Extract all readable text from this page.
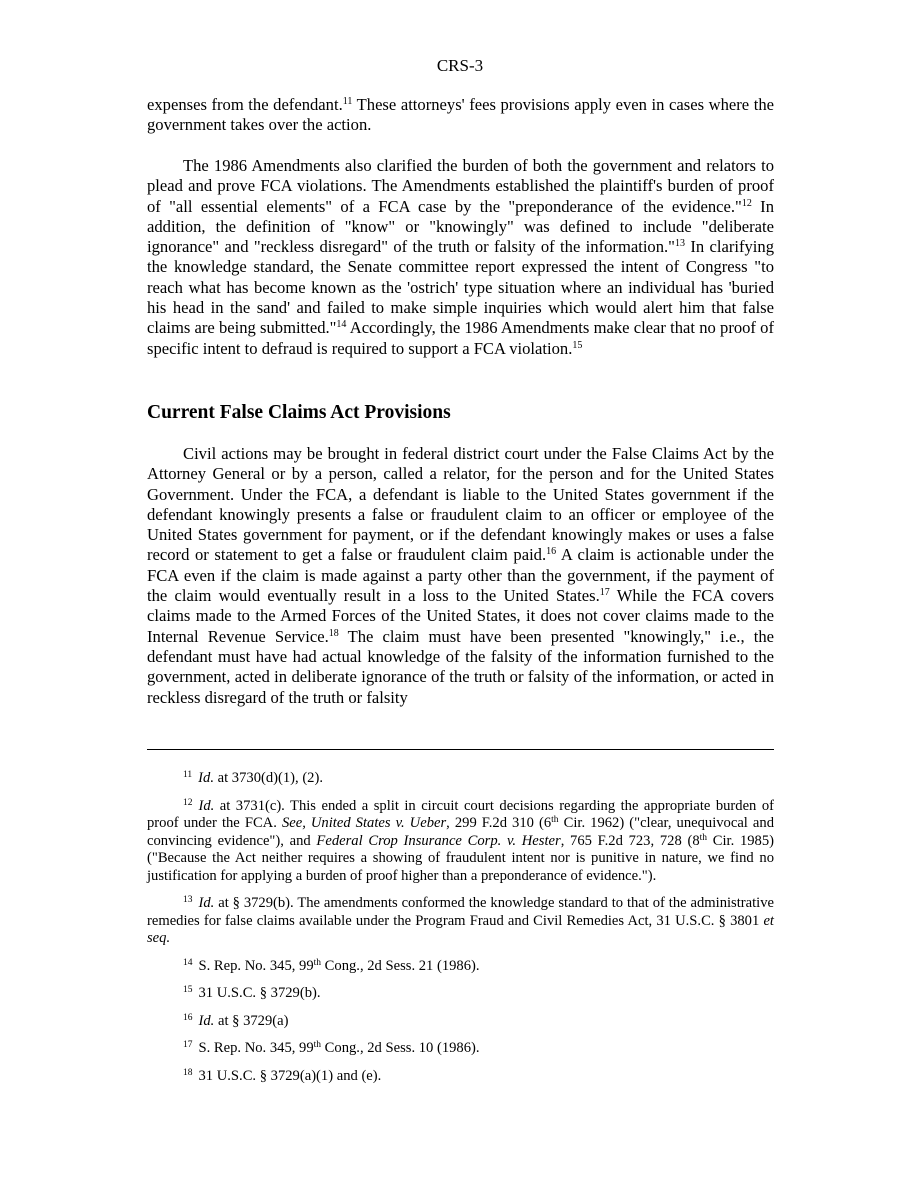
CRS-3

expenses from the defendant.$^{11}$ These attorneys' fees provisions apply even in cases where the government takes over the action.

The 1986 Amendments also clarified the burden of both the government and relators to plead and prove FCA violations. The Amendments established the plaintiff's burden of proof of "all essential elements" of a FCA case by the "preponderance of the evidence."$^{12}$ In addition, the definition of "know" or "knowingly" was defined to include "deliberate ignorance" and "reckless disregard" of the truth or falsity of the information."$^{13}$ In clarifying the knowledge standard, the Senate committee report expressed the intent of Congress "to reach what has become known as the 'ostrich' type situation where an individual has 'buried his head in the sand' and failed to make simple inquiries which would alert him that false claims are being submitted."$^{14}$ Accordingly, the 1986 Amendments make clear that no proof of specific intent to defraud is required to support a FCA violation.$^{15}$

Current False Claims Act Provisions

Civil actions may be brought in federal district court under the False Claims Act by the Attorney General or by a person, called a relator, for the person and for the United States Government. Under the FCA, a defendant is liable to the United States government if the defendant knowingly presents a false or fraudulent claim to an officer or employee of the United States government for payment, or if the defendant knowingly makes or uses a false record or statement to get a false or fraudulent claim paid.$^{16}$ A claim is actionable under the FCA even if the claim is made against a party other than the government, if the payment of the claim would eventually result in a loss to the United States.$^{17}$ While the FCA covers claims made to the Armed Forces of the United States, it does not cover claims made to the Internal Revenue Service.$^{18}$ The claim must have been presented "knowingly," i.e., the defendant must have had actual knowledge of the falsity of the information furnished to the government, acted in deliberate ignorance of the truth or falsity of the information, or acted in reckless disregard of the truth or falsity

$^{11}$ Id. at 3730(d)(1), (2).

$^{12}$ Id. at 3731(c). This ended a split in circuit court decisions regarding the appropriate burden of proof under the FCA. See, United States v. Ueber, 299 F.2d 310 (6th Cir. 1962) ("clear, unequivocal and convincing evidence"), and Federal Crop Insurance Corp. v. Hester, 765 F.2d 723, 728 (8th Cir. 1985) ("Because the Act neither requires a showing of fraudulent intent nor is punitive in nature, we find no justification for applying a burden of proof higher than a preponderance of evidence.").

$^{13}$ Id. at § 3729(b). The amendments conformed the knowledge standard to that of the administrative remedies for false claims available under the Program Fraud and Civil Remedies Act, 31 U.S.C. § 3801 et seq.

$^{14}$ S. Rep. No. 345, 99th Cong., 2d Sess. 21 (1986).

$^{15}$ 31 U.S.C. § 3729(b).

$^{16}$ Id. at § 3729(a)

$^{17}$ S. Rep. No. 345, 99th Cong., 2d Sess. 10 (1986).

$^{18}$ 31 U.S.C. § 3729(a)(1) and (e).
